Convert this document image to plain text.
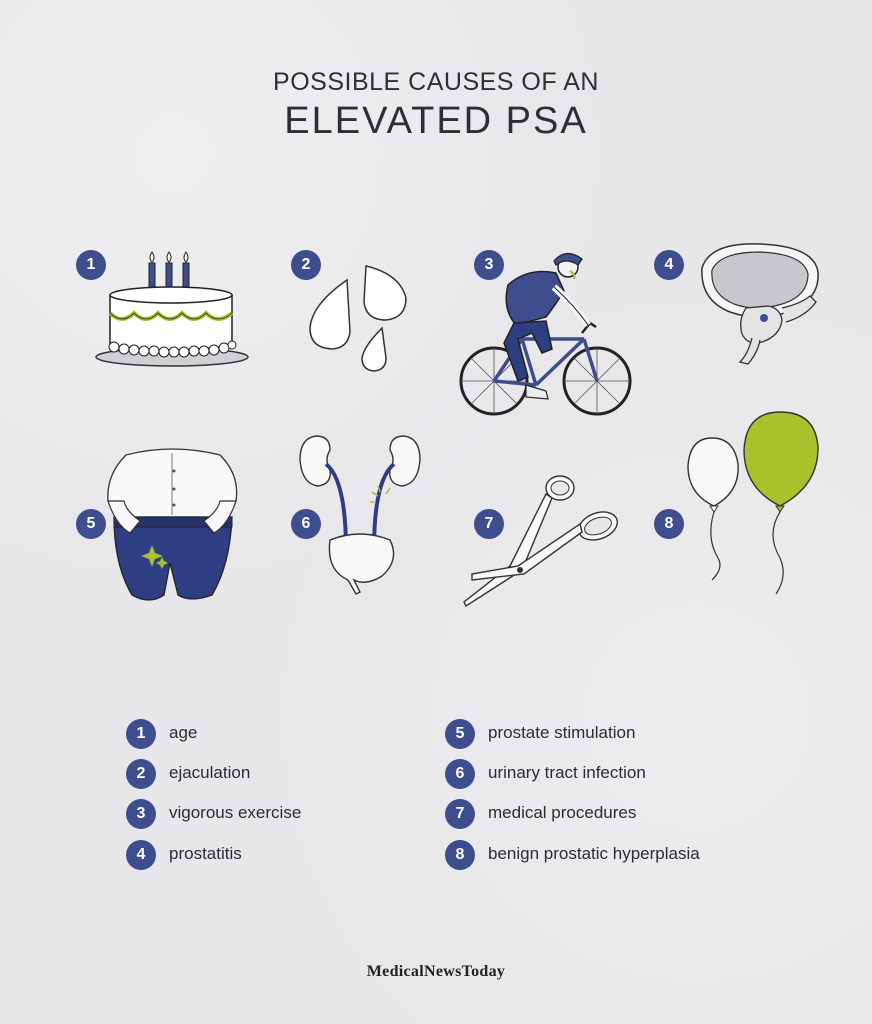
POSSIBLE CAUSES OF AN
ELEVATED PSA
1	2	3	4
5	6	7	8
1	age
2	ejaculation
3	vigorous exercise
4	prostatitis
5	prostate stimulation
6	urinary tract infection
7	medical procedures
8	benign prostatic hyperplasia
MedicalNewsToday
